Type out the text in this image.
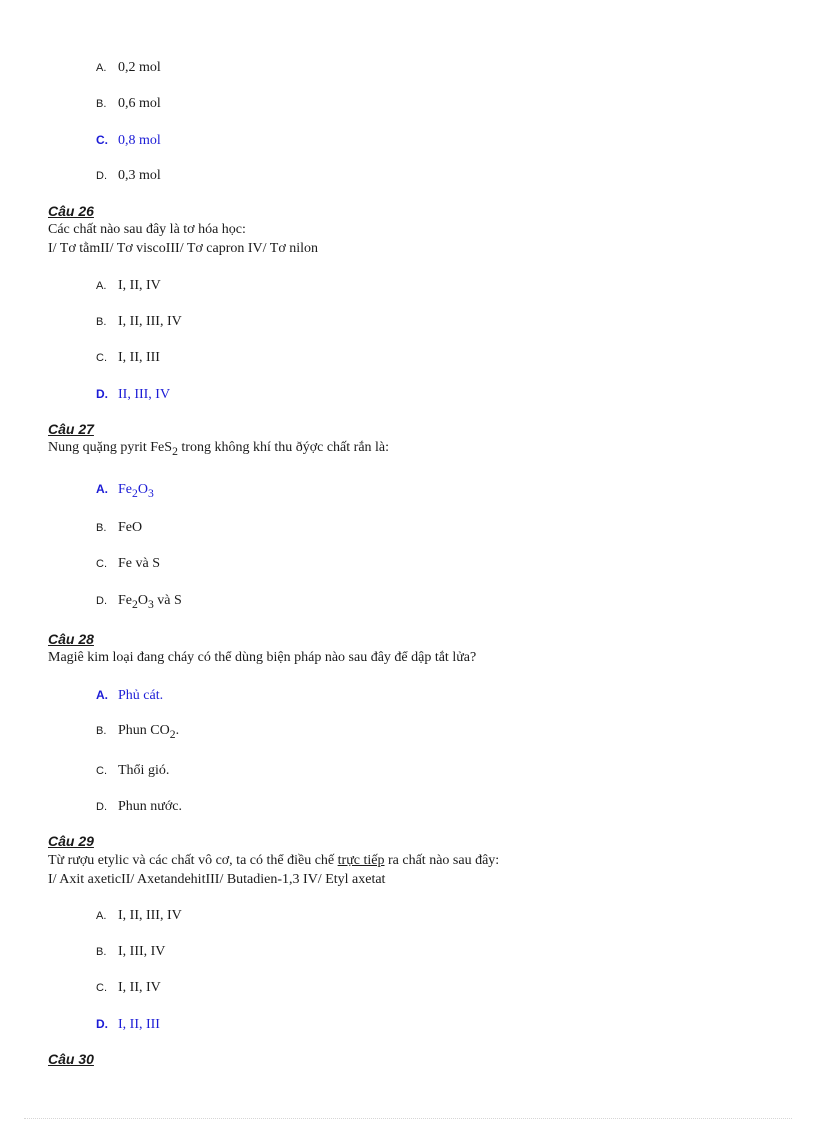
A. 0,2 mol
B. 0,6 mol
C. 0,8 mol
D. 0,3 mol
Câu 26
Các chất nào sau đây là tơ hóa học:
I/ Tơ tằmII/ Tơ viscoIII/ Tơ capron IV/ Tơ nilon
A. I, II, IV
B. I, II, III, IV
C. I, II, III
D. II, III, IV
Câu 27
Nung quặng pyrit FeS$_2$ trong không khí thu ðýợc chất rắn là:
A. $Fe_2O_3$
B. FeO
C. Fe và S
D. $Fe_2O_3$ và S
Câu 28
Magiê kim loại đang cháy có thể dùng biện pháp nào sau đây để dập tắt lửa?
A. Phủ cát.
B. Phun $CO_2$.
C. Thổi gió.
D. Phun nước.
Câu 29
Từ rượu etylic và các chất vô cơ, ta có thể điều chế trực tiếp ra chất nào sau đây:
I/ Axit axeticII/ AxetandehitIII/ Butadien-1,3 IV/ Etyl axetat
A. I, II, III, IV
B. I, III, IV
C. I, II, IV
D. I, II, III
Câu 30
